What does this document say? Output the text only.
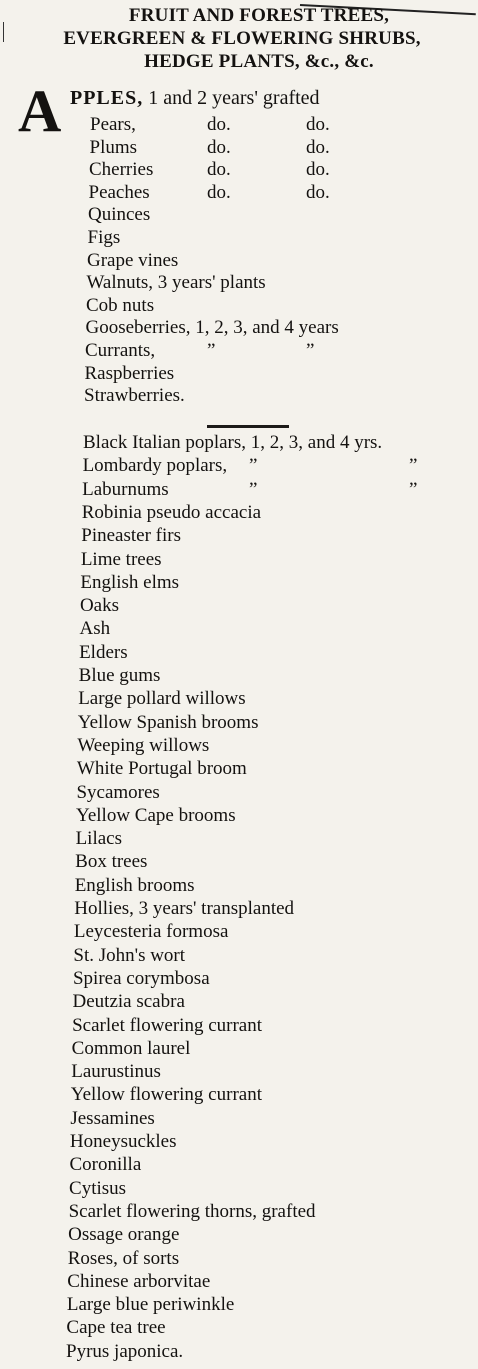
FRUIT AND FOREST TREES,
EVERGREEN & FLOWERING SHRUBS,
HEDGE PLANTS, &c., &c.
A PPLES, 1 and 2 years' grafted
Pears,	do.	do.
Plums	do.	do.
Cherries	do.	do.
Peaches	do.	do.
Quinces
Figs
Grape vines
Walnuts, 3 years' plants
Cob nuts
Gooseberries, 1, 2, 3, and 4 years
Currants,	”	”
Raspberries
Strawberries.
Black Italian poplars, 1, 2, 3, and 4 yrs.
Lombardy poplars, ”	”
Laburnums	”	”
Robinia pseudo accacia
Pineaster firs
Lime trees
English elms
Oaks
Ash
Elders
Blue gums
Large pollard willows
Yellow Spanish brooms
Weeping willows
White Portugal broom
Sycamores
Yellow Cape brooms
Lilacs
Box trees
English brooms
Hollies, 3 years' transplanted
Leycesteria formosa
St. John's wort
Spirea corymbosa
Deutzia scabra
Scarlet flowering currant
Common laurel
Laurustinus
Yellow flowering currant
Jessamines
Honeysuckles
Coronilla
Cytisus
Scarlet flowering thorns, grafted
Ossage orange
Roses, of sorts
Chinese arborvitae
Large blue periwinkle
Cape tea tree
Pyrus japonica.
